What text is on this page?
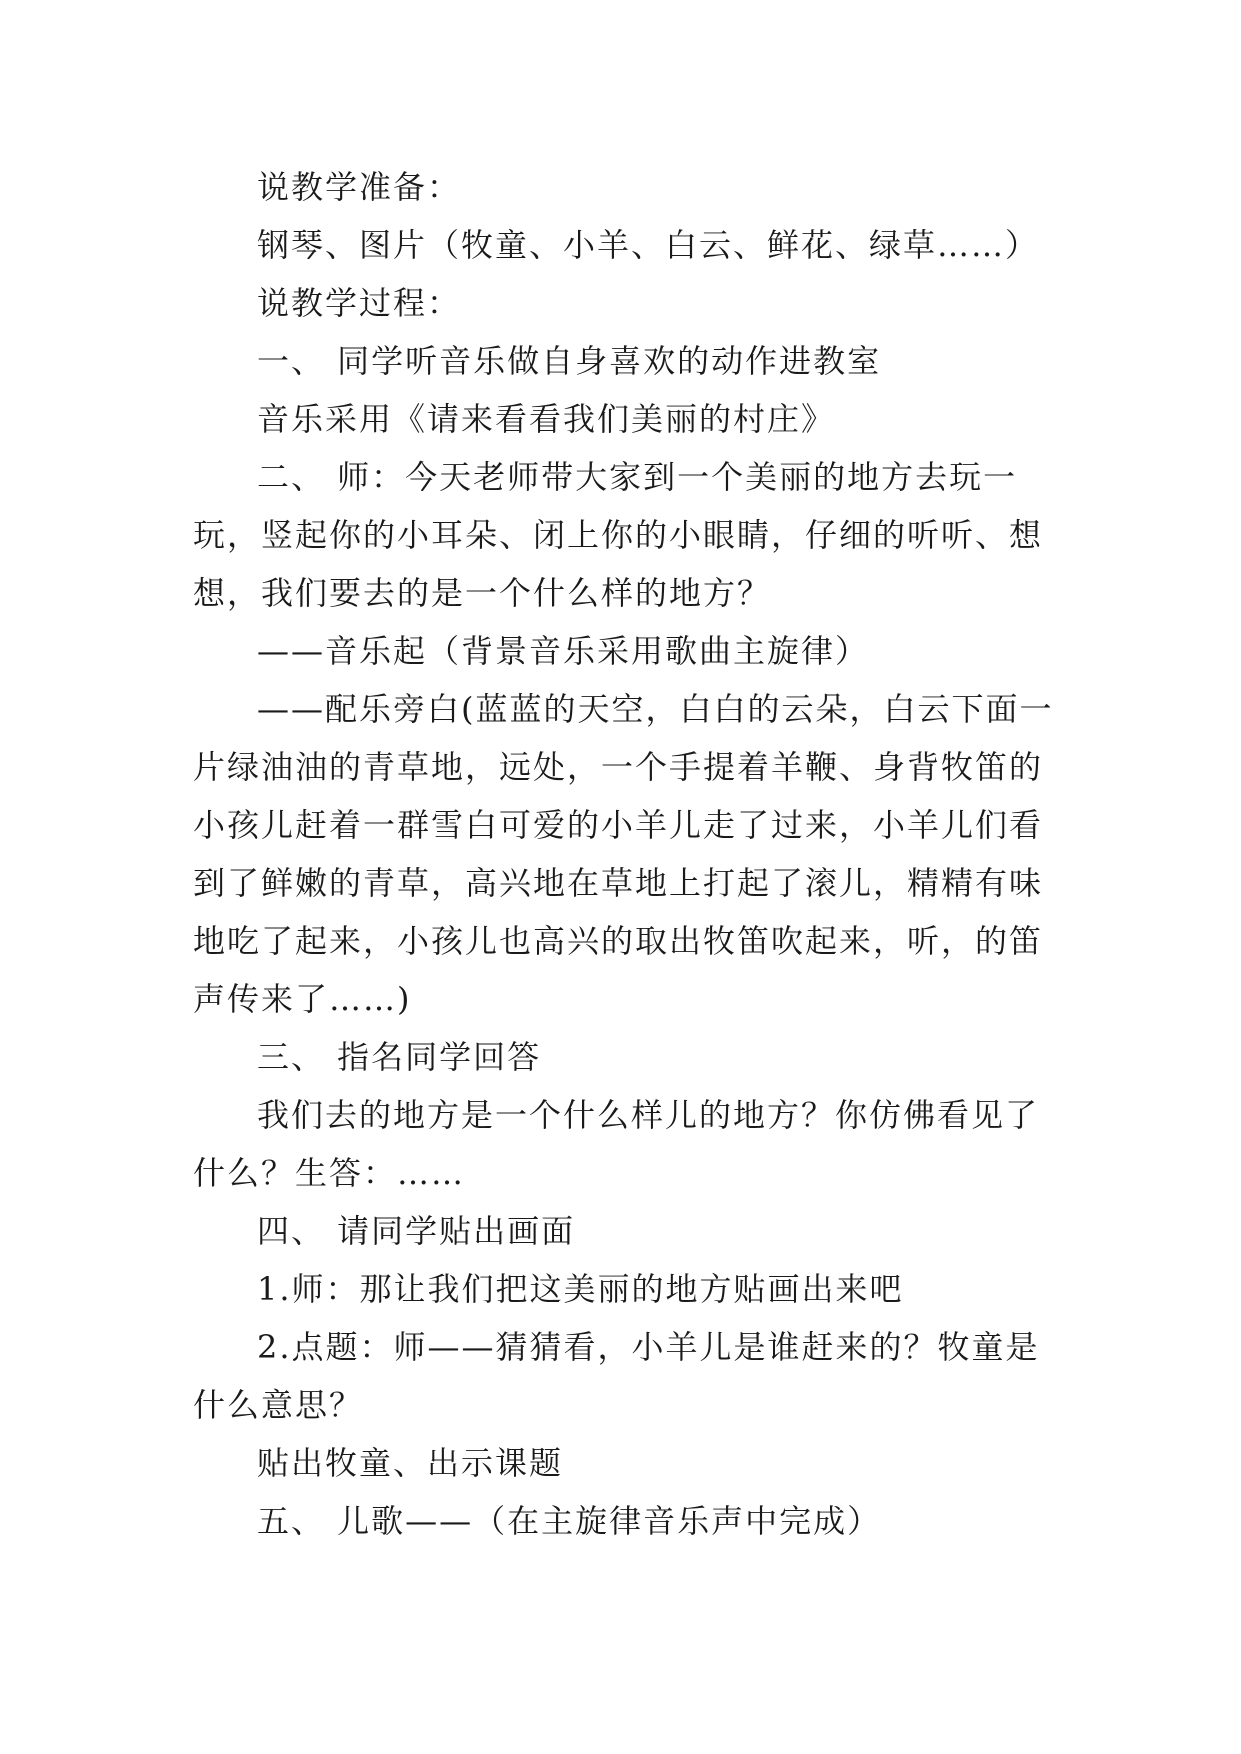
说教学准备：

钢琴、图片（牧童、小羊、白云、鲜花、绿草……）

说教学过程：

一、 同学听音乐做自身喜欢的动作进教室

音乐采用《请来看看我们美丽的村庄》

二、 师：今天老师带大家到一个美丽的地方去玩一玩，竖起你的小耳朵、闭上你的小眼睛，仔细的听听、想想，我们要去的是一个什么样的地方？

——音乐起（背景音乐采用歌曲主旋律）

——配乐旁白(蓝蓝的天空，白白的云朵，白云下面一片绿油油的青草地，远处，一个手提着羊鞭、身背牧笛的小孩儿赶着一群雪白可爱的小羊儿走了过来，小羊儿们看到了鲜嫩的青草，高兴地在草地上打起了滚儿，精精有味地吃了起来，小孩儿也高兴的取出牧笛吹起来，听，的笛声传来了……)

三、 指名同学回答

我们去的地方是一个什么样儿的地方？你仿佛看见了什么？生答：……

四、 请同学贴出画面

1.师：那让我们把这美丽的地方贴画出来吧

2.点题：师——猜猜看，小羊儿是谁赶来的？牧童是什么意思？

贴出牧童、出示课题

五、 儿歌——（在主旋律音乐声中完成）
